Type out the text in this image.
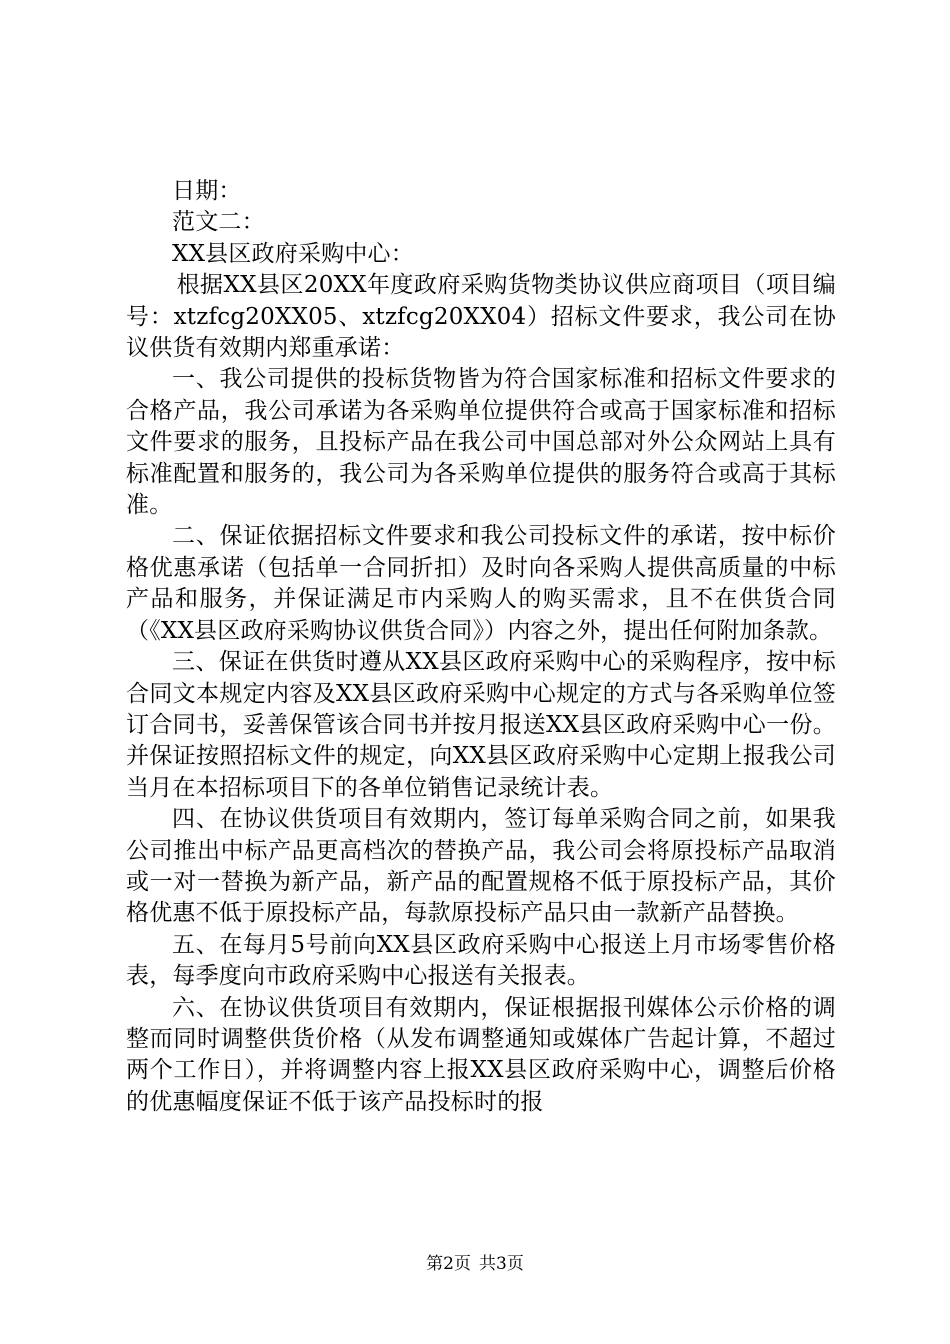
日期：

范文二：

XX县区政府采购中心：

根据XX县区20XX年度政府采购货物类协议供应商项目（项目编号：xtzfcg20XX05、xtzfcg20XX04）招标文件要求，我公司在协议供货有效期内郑重承诺：

一、我公司提供的投标货物皆为符合国家标准和招标文件要求的合格产品，我公司承诺为各采购单位提供符合或高于国家标准和招标文件要求的服务，且投标产品在我公司中国总部对外公众网站上具有标准配置和服务的，我公司为各采购单位提供的服务符合或高于其标准。

二、保证依据招标文件要求和我公司投标文件的承诺，按中标价格优惠承诺（包括单一合同折扣）及时向各采购人提供高质量的中标产品和服务，并保证满足市内采购人的购买需求，且不在供货合同（《XX县区政府采购协议供货合同》）内容之外，提出任何附加条款。

三、保证在供货时遵从XX县区政府采购中心的采购程序，按中标合同文本规定内容及XX县区政府采购中心规定的方式与各采购单位签订合同书，妥善保管该合同书并按月报送XX县区政府采购中心一份。并保证按照招标文件的规定，向XX县区政府采购中心定期上报我公司当月在本招标项目下的各单位销售记录统计表。

四、在协议供货项目有效期内，签订每单采购合同之前，如果我公司推出中标产品更高档次的替换产品，我公司会将原投标产品取消或一对一替换为新产品，新产品的配置规格不低于原投标产品，其价格优惠不低于原投标产品，每款原投标产品只由一款新产品替换。

五、在每月5号前向XX县区政府采购中心报送上月市场零售价格表，每季度向市政府采购中心报送有关报表。

六、在协议供货项目有效期内，保证根据报刊媒体公示价格的调整而同时调整供货价格（从发布调整通知或媒体广告起计算，不超过两个工作日），并将调整内容上报XX县区政府采购中心，调整后价格的优惠幅度保证不低于该产品投标时的报

第2页 共3页
